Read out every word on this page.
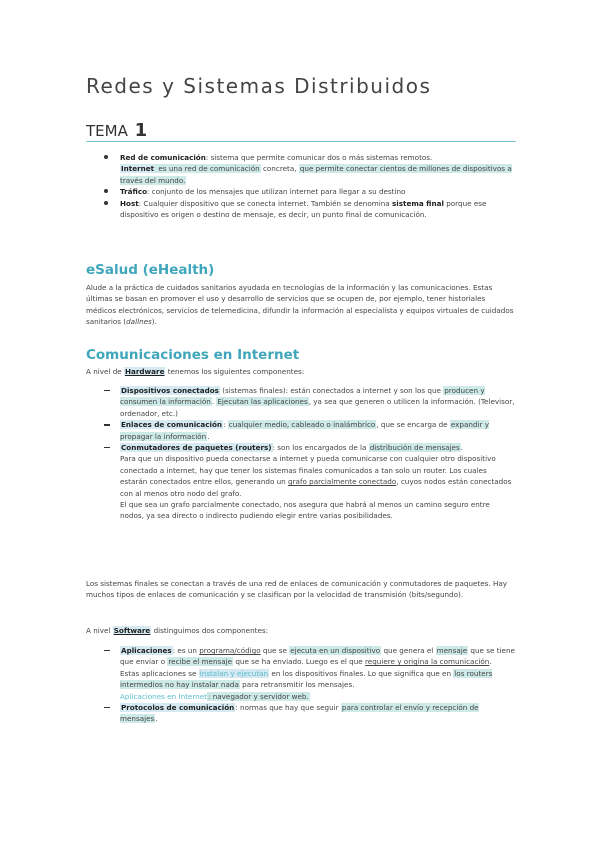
Redes y Sistemas Distribuidos
TEMA 1
Red de comunicación: sistema que permite comunicar dos o más sistemas remotos.
Internet es una red de comunicación concreta, que permite conectar cientos de millones de dispositivos a través del mundo.
Tráfico: conjunto de los mensajes que utilizan internet para llegar a su destino
Host: Cualquier dispositivo que se conecta internet. También se denomina sistema final porque ese dispositivo es origen o destino de mensaje, es decir, un punto final de comunicación.
eSalud (eHealth)

Alude a la práctica de cuidados sanitarios ayudada en tecnologías de la información y las comunicaciones. Estas últimas se basan en promover el uso y desarrollo de servicios que se ocupen de, por ejemplo, tener historiales médicos electrónicos, servicios de telemedicina, difundir la información al especialista y equipos virtuales de cuidados sanitarios (dallnes).

Comunicaciones en Internet

A nivel de Hardware tenemos los siguientes componentes:

Dispositivos conectados (sistemas finales): están conectados a internet y son los que producen y consumen la información. Ejecutan las aplicaciones, ya sea que generen o utilicen la información. (Televisor, ordenador, etc.)
Enlaces de comunicación: cualquier medio, cableado o inalámbrico, que se encarga de expandir y propagar la información.
Conmutadores de paquetes (routers): son los encargados de la distribución de mensajes.
Para que un dispositivo pueda conectarse a internet y pueda comunicarse con cualquier otro dispositivo conectado a internet, hay que tener los sistemas finales comunicados a tan solo un router. Los cuales estarán conectados entre ellos, generando un grafo parcialmente conectado, cuyos nodos están conectados con al menos otro nodo del grafo.
El que sea un grafo parcialmente conectado, nos asegura que habrá al menos un camino seguro entre nodos, ya sea directo o indirecto pudiendo elegir entre varias posibilidades.

Los sistemas finales se conectan a través de una red de enlaces de comunicación y conmutadores de paquetes. Hay muchos tipos de enlaces de comunicación y se clasifican por la velocidad de transmisión (bits/segundo).

A nivel Software distinguimos dos componentes:

Aplicaciones: es un programa/código que se ejecuta en un dispositivo que genera el mensaje que se tiene que enviar o recibe el mensaje que se ha enviado. Luego es el que requiere y origina la comunicación.
Estas aplicaciones se instalan y ejecutan en los dispositivos finales. Lo que significa que en los routers intermedios no hay instalar nada para retransmitir los mensajes.
Aplicaciones en Internet: navegador y servidor web.
Protocolos de comunicación: normas que hay que seguir para controlar el envío y recepción de mensajes.
